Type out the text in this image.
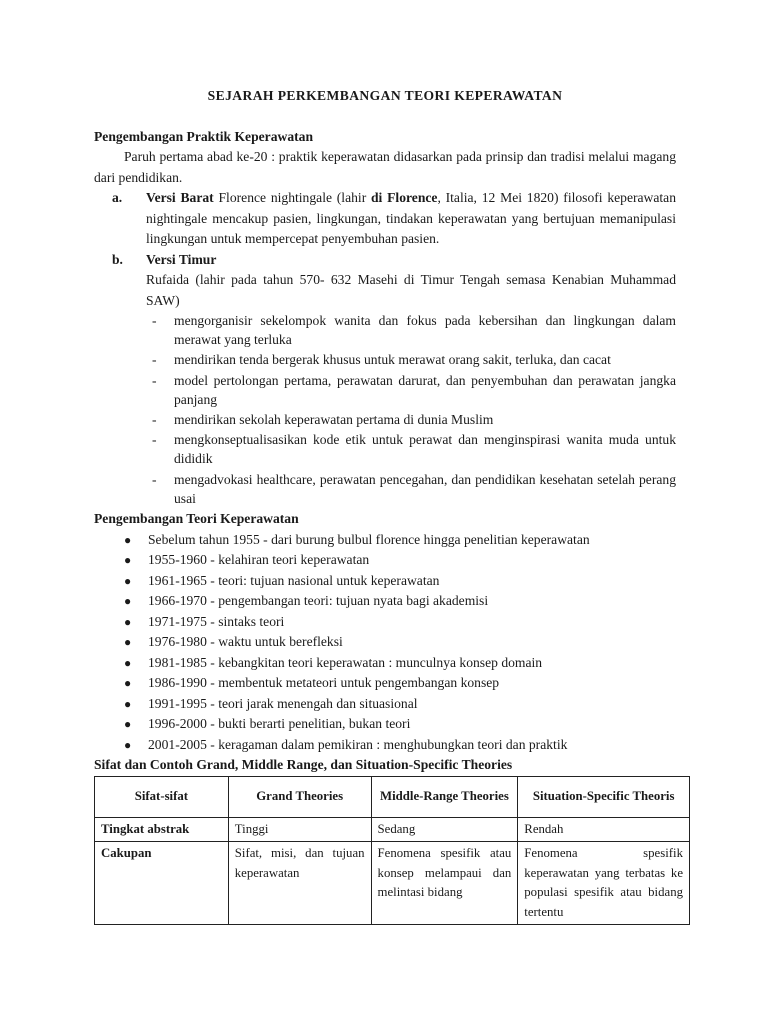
SEJARAH PERKEMBANGAN TEORI KEPERAWATAN

Pengembangan Praktik Keperawatan

Paruh pertama abad ke-20 : praktik keperawatan didasarkan pada prinsip dan tradisi melalui magang dari pendidikan.

a. Versi Barat Florence nightingale (lahir di Florence, Italia, 12 Mei 1820) filosofi keperawatan nightingale mencakup pasien, lingkungan, tindakan keperawatan yang bertujuan memanipulasi lingkungan untuk mempercepat penyembuhan pasien.
b. Versi Timur
Rufaida (lahir pada tahun 570- 632 Masehi di Timur Tengah semasa Kenabian Muhammad SAW)
- mengorganisir sekelompok wanita dan fokus pada kebersihan dan lingkungan dalam merawat yang terluka
- mendirikan tenda bergerak khusus untuk merawat orang sakit, terluka, dan cacat
- model pertolongan pertama, perawatan darurat, dan penyembuhan dan perawatan jangka panjang
- mendirikan sekolah keperawatan pertama di dunia Muslim
- mengkonseptualisasikan kode etik untuk perawat dan menginspirasi wanita muda untuk dididik
- mengadvokasi healthcare, perawatan pencegahan, dan pendidikan kesehatan setelah perang usai

Pengembangan Teori Keperawatan

● Sebelum tahun 1955 - dari burung bulbul florence hingga penelitian keperawatan
● 1955-1960 - kelahiran teori keperawatan
● 1961-1965 - teori: tujuan nasional untuk keperawatan
● 1966-1970 - pengembangan teori: tujuan nyata bagi akademisi
● 1971-1975 - sintaks teori
● 1976-1980 - waktu untuk berefleksi
● 1981-1985 - kebangkitan teori keperawatan : munculnya konsep domain
● 1986-1990 - membentuk metateori untuk pengembangan konsep
● 1991-1995 - teori jarak menengah dan situasional
● 1996-2000 - bukti berarti penelitian, bukan teori
● 2001-2005 - keragaman dalam pemikiran : menghubungkan teori dan praktik

Sifat dan Contoh Grand, Middle Range, dan Situation-Specific Theories

Sifat-sifat	Grand Theories	Middle-Range Theories	Situation-Specific Theoris
Tingkat abstrak	Tinggi	Sedang	Rendah
Cakupan	Sifat, misi, dan tujuan keperawatan	Fenomena spesifik atau konsep melampaui dan melintasi bidang	Fenomena spesifik keperawatan yang terbatas ke populasi spesifik atau bidang tertentu
